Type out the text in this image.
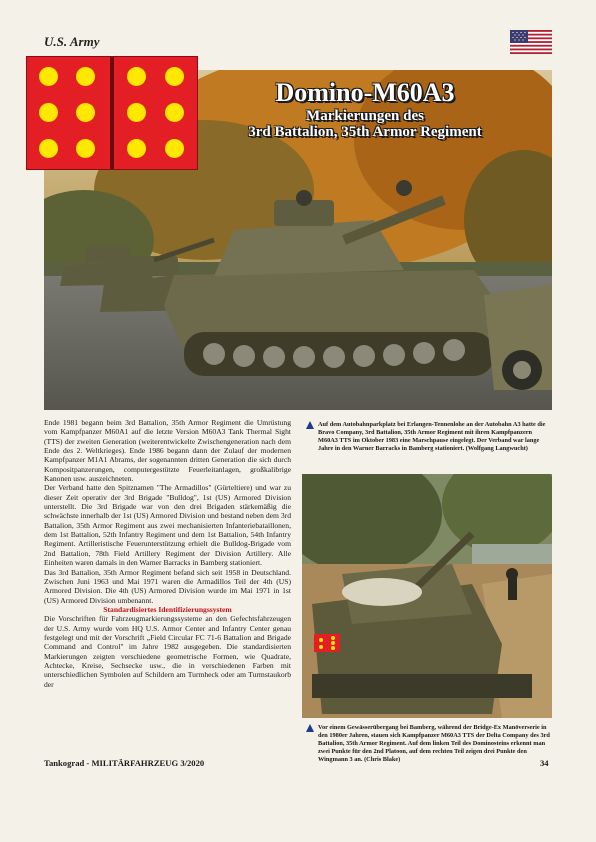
U.S. Army
Domino-M60A3
Markierungen des
3rd Battalion, 35th Armor Regiment
Auf dem Autobahnparkplatz bei Erlangen-Tennenlohe an der Autobahn A3 hatte die Bravo Company, 3rd Battalion, 35th Armor Regiment mit ihren Kampfpanzern M60A3 TTS im Oktober 1983 eine Marschpause eingelegt. Der Verband war lange Jahre in den Warner Barracks in Bamberg stationiert. (Wolfgang Langwucht)
Vor einem Gewässerübergang bei Bamberg, während der Bridge-Ex Manöverserie in den 1980er Jahren, stauen sich Kampfpanzer M60A3 TTS der Delta Company des 3rd Battalion, 35th Armor Regiment. Auf dem linken Teil des Dominosteins erkennt man zwei Punkte für den 2nd Platoon, auf dem rechten Teil zeigen drei Punkte den Wingmann 3 an. (Chris Blake)

Ende 1981 begann beim 3rd Battalion, 35th Armor Regiment die Umrüstung vom Kampfpanzer M60A1 auf die letzte Version M60A3 Tank Thermal Sight (TTS) der zweiten Generation (weiterentwickelte Zwischengeneration nach dem Ende des 2. Weltkrieges). Ende 1986 begann dann der Zulauf der modernen Kampfpanzer M1A1 Abrams, der sogenannten dritten Generation die sich durch Kompositpanzerungen, computergestützte Feuerleitanlagen, großkalibrige Kanonen usw. auszeichneten.

Der Verband hatte den Spitznamen "The Armadillos" (Gürteltiere) und war zu dieser Zeit operativ der 3rd Brigade "Bulldog", 1st (US) Armored Division unterstellt. Die 3rd Brigade war von den drei Brigaden stärkemäßig die schwächste innerhalb der 1st (US) Armored Division und bestand neben dem 3rd Battalion, 35th Armor Regiment aus zwei mechanisierten Infanteriebataillonen, dem 1st Battalion, 52th Infantry Regiment und dem 1st Battalion, 54th Infantry Regiment. Artilleristische Feuerunterstützung erhielt die Bulldog-Brigade vom 2nd Battalion, 78th Field Artillery Regiment der Division Artillery. Alle Einheiten waren damals in den Warner Barracks in Bamberg stationiert.

Das 3rd Battalion, 35th Armor Regiment befand sich seit 1958 in Deutschland. Zwischen Juni 1963 und Mai 1971 waren die Armadillos Teil der 4th (US) Armored Division. Die 4th (US) Armored Division wurde im Mai 1971 in 1st (US) Armored Division umbenannt.

Standardisiertes Identifizierungssystem

Die Vorschriften für Fahrzeugmarkierungssysteme an den Gefechtsfahrzeugen der U.S. Army wurde vom HQ U.S. Armor Center and Infantry Center genau festgelegt und mit der Vorschrift „Field Circular FC 71-6 Battalion and Brigade Command and Control" im Jahre 1982 ausgegeben. Die standardisierten Markierungen zeigten verschiedene geometrische Formen, wie Quadrate, Achtecke, Kreise, Sechsecke usw., die in verschiedenen Farben mit unterschiedlichen Symbolen auf Schildern am Turmheck oder am Turmstaukorb der

Tankograd - MILITÄRFAHRZEUG 3/2020	34
